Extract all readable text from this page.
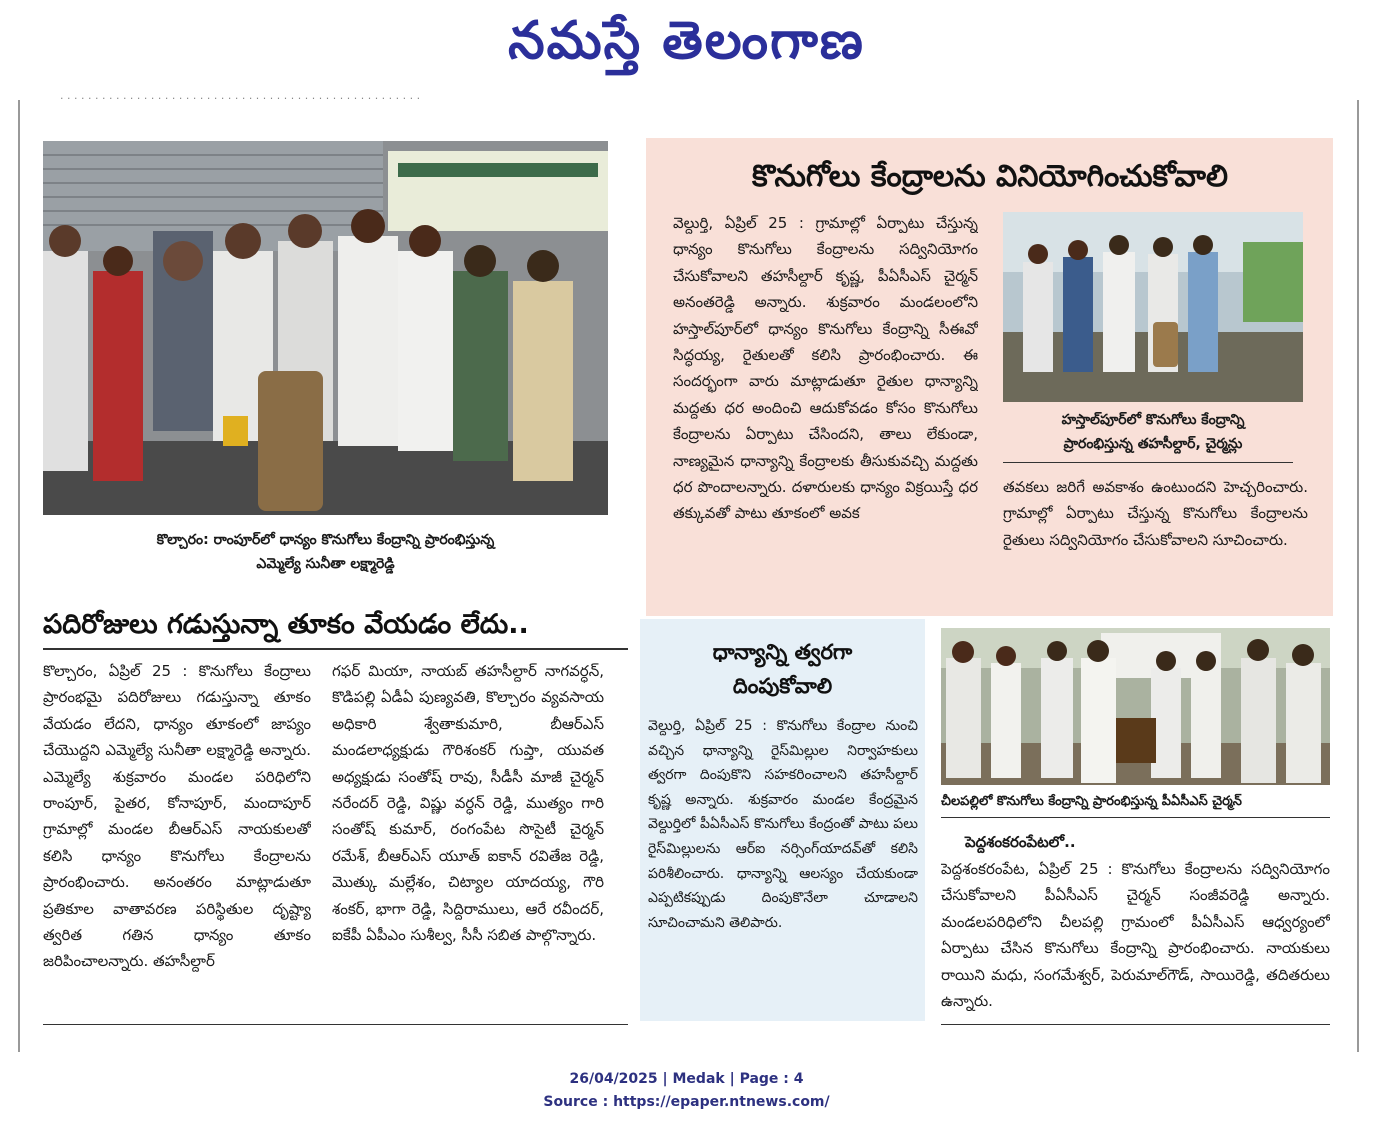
నమస్తే తెలంగాణ
· · · · · · · · · · · · · · · · · · · · · · · · · · · · · · · · · · · · · · · · · · · · · · · · · · · ·
కొల్చారం: రాంపూర్‌లో ధాన్యం కొనుగోలు కేంద్రాన్ని ప్రారంభిస్తున్న
ఎమ్మెల్యే సునీతా లక్ష్మారెడ్డి
పదిరోజులు గడుస్తున్నా తూకం వేయడం లేదు..
కొల్చారం, ఏప్రిల్ 25 : కొనుగోలు కేంద్రాలు ప్రారంభమై పదిరోజులు గడుస్తున్నా తూకం వేయడం లేదని, ధాన్యం తూకంలో జాప్యం చేయొద్దని ఎమ్మెల్యే సునీతా లక్ష్మారెడ్డి అన్నారు. ఎమ్మెల్యే శుక్రవారం మండల పరిధిలోని రాంపూర్, పైతర, కోనాపూర్, మందాపూర్ గ్రామాల్లో మండల బీఆర్‌ఎస్ నాయకులతో కలిసి ధాన్యం కొనుగోలు కేంద్రాలను ప్రారంభించారు. అనంతరం మాట్లాడుతూ ప్రతికూల వాతావరణ పరిస్థితుల దృష్ట్యా త్వరిత గతిన ధాన్యం తూకం జరిపించాలన్నారు. తహసీల్దార్
గఫర్ మియా, నాయబ్ తహసీల్దార్ నాగవర్ధన్, కొడిపల్లి ఏడీఏ పుణ్యవతి, కొల్చారం వ్యవసాయ అధికారి శ్వేతాకుమారి, బీఆర్‌ఎస్ మండలాధ్యక్షుడు గౌరిశంకర్ గుప్తా, యువత అధ్యక్షుడు సంతోష్ రావు, సీడీసీ మాజీ చైర్మన్ నరేందర్ రెడ్డి, విష్ణు వర్ధన్ రెడ్డి, ముత్యం గారి సంతోష్ కుమార్, రంగంపేట సొసైటీ చైర్మన్ రమేశ్, బీఆర్‌ఎస్ యూత్ ఐకాన్ రవితేజ రెడ్డి, మొత్కు మల్లేశం, చిట్యాల యాదయ్య, గౌరి శంకర్, భాగా రెడ్డి, సిద్దిరాములు, ఆరే రవీందర్, ఐకేపీ ఏపీఎం సుశీల్వ, సీసీ సబిత పాల్గొన్నారు.
కొనుగోలు కేంద్రాలను వినియోగించుకోవాలి
వెల్దుర్తి, ఏప్రిల్ 25 : గ్రామాల్లో ఏర్పాటు చేస్తున్న ధాన్యం కొనుగోలు కేంద్రాలను సద్వినియోగం చేసుకోవాలని తహసీల్దార్ కృష్ణ, పీఏసీఎస్ చైర్మన్ అనంతరెడ్డి అన్నారు. శుక్రవారం మండలంలోని హస్తాల్‌పూర్‌లో ధాన్యం కొనుగోలు కేంద్రాన్ని సీఈవో సిద్ధయ్య, రైతులతో కలిసి ప్రారంభించారు. ఈ సందర్భంగా వారు మాట్లాడుతూ రైతుల ధాన్యాన్ని మద్దతు ధర అందించి ఆదుకోవడం కోసం కొనుగోలు కేంద్రాలను ఏర్పాటు చేసిందని, తాలు లేకుండా, నాణ్యమైన ధాన్యాన్ని కేంద్రాలకు తీసుకువచ్చి మద్దతు ధర పొందాలన్నారు. దళారులకు ధాన్యం విక్రయిస్తే ధర తక్కువతో పాటు తూకంలో అవక
హస్తాల్‌పూర్‌లో కొనుగోలు కేంద్రాన్ని
ప్రారంభిస్తున్న తహసీల్దార్, చైర్మన్లు
తవకలు జరిగే అవకాశం ఉంటుందని హెచ్చరించారు. గ్రామాల్లో ఏర్పాటు చేస్తున్న కొనుగోలు కేంద్రాలను రైతులు సద్వినియోగం చేసుకోవాలని సూచించారు.
ధాన్యాన్ని త్వరగా
దింపుకోవాలి
వెల్దుర్తి, ఏప్రిల్ 25 : కొనుగోలు కేంద్రాల నుంచి వచ్చిన ధాన్యాన్ని రైస్‌మిల్లుల నిర్వాహకులు త్వరగా దింపుకొని సహకరించాలని తహసీల్దార్ కృష్ణ అన్నారు. శుక్రవారం మండల కేంద్రమైన వెల్దుర్తిలో పీఏసీఎస్ కొనుగోలు కేంద్రంతో పాటు పలు రైస్‌మిల్లులను ఆర్‌ఐ నర్సింగ్‌యాదవ్‌తో కలిసి పరిశీలించారు. ధాన్యాన్ని ఆలస్యం చేయకుండా ఎప్పటికప్పుడు దింపుకొనేలా చూడాలని సూచించామని తెలిపారు.
చీలపల్లిలో కొనుగోలు కేంద్రాన్ని ప్రారంభిస్తున్న పీఏసీఎస్ చైర్మన్
పెద్దశంకరంపేటలో..
పెద్దశంకరంపేట, ఏప్రిల్ 25 : కొనుగోలు కేంద్రాలను సద్వినియోగం చేసుకోవాలని పీఏసీఎస్ చైర్మన్ సంజీవరెడ్డి అన్నారు. మండలపరిధిలోని చీలపల్లి గ్రామంలో పీఏసీఎస్ ఆధ్వర్యంలో ఏర్పాటు చేసిన కొనుగోలు కేంద్రాన్ని ప్రారంభించారు. నాయకులు రాయిని మధు, సంగమేశ్వర్, పెరుమాల్‌గౌడ్, సాయిరెడ్డి, తదితరులు ఉన్నారు.
26/04/2025 | Medak | Page : 4
Source : https://epaper.ntnews.com/
